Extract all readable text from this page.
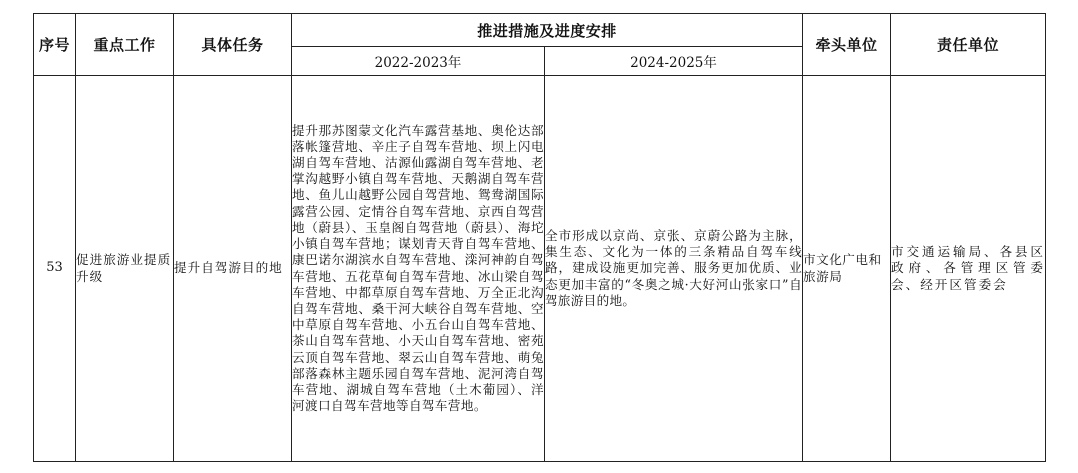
序号	重点工作	具体任务	推进措施及进度安排		牵头单位	责任单位
			2022-2023年	2024-2025年		
53	促进旅游业提质升级	提升自驾游目的地	提升那苏图蒙文化汽车露营基地、奥伦达部落帐篷营地、辛庄子自驾车营地、坝上闪电湖自驾车营地、沽源仙露湖自驾车营地、老掌沟越野小镇自驾车营地、天鹅湖自驾车营地、鱼儿山越野公园自驾营地、鸳鸯湖国际露营公园、定情谷自驾车营地、京西自驾营地（蔚县）、玉皇阁自驾营地（蔚县）、海坨小镇自驾车营地；谋划青天背自驾车营地、康巴诺尔湖滨水自驾车营地、滦河神韵自驾车营地、五花草甸自驾车营地、冰山梁自驾车营地、中都草原自驾车营地、万全正北沟自驾车营地、桑干河大峡谷自驾车营地、空中草原自驾车营地、小五台山自驾车营地、茶山自驾车营地、小天山自驾车营地、密苑云顶自驾车营地、翠云山自驾车营地、萌兔部落森林主题乐园自驾车营地、泥河湾自驾车营地、湖城自驾车营地（土木葡园）、洋河渡口自驾车营地等自驾车营地。	全市形成以京尚、京张、京蔚公路为主脉，集生态、文化为一体的三条精品自驾车线路，建成设施更加完善、服务更加优质、业态更加丰富的“冬奥之城·大好河山张家口”自驾旅游目的地。	市文化广电和旅游局	市交通运输局、各县区政府、各管理区管委会、经开区管委会
